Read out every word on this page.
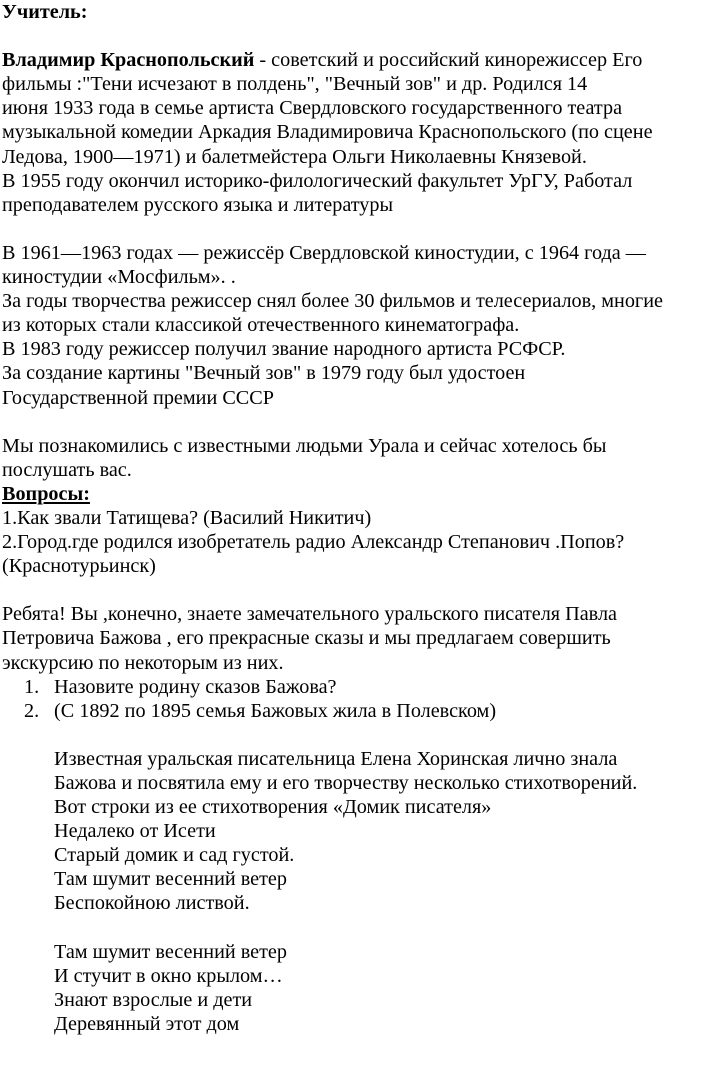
Учитель:
Владимир Краснопольский - советский и российский кинорежиссер Его
фильмы :"Тени исчезают в полдень", "Вечный зов" и др. Родился 14
июня 1933 года в семье артиста Свердловского государственного театра
музыкальной комедии Аркадия Владимировича Краснопольского (по сцене
Ледова, 1900—1971) и балетмейстера Ольги Николаевны Князевой.
В 1955 году окончил историко-филологический факультет УрГУ, Работал
преподавателем русского языка и литературы
В 1961—1963 годах — режиссёр Свердловской киностудии, с 1964 года —
киностудии «Мосфильм». .
За годы творчества режиссер снял более 30 фильмов и телесериалов, многие
из которых стали классикой отечественного кинематографа.
В 1983 году режиссер получил звание народного артиста РСФСР.
За создание картины "Вечный зов" в 1979 году был удостоен
Государственной премии СССР
Мы познакомились с известными людьми Урала и сейчас хотелось бы
послушать вас.
Вопросы:
1.Как звали Татищева? (Василий Никитич)
2.Город.где родился изобретатель радио Александр Степанович .Попов?
(Краснотурьинск)
Ребята! Вы ,конечно, знаете замечательного уральского писателя Павла
Петровича Бажова , его прекрасные сказы и мы предлагаем совершить
экскурсию по некоторым из них.
1. Назовите родину сказов Бажова?
2. (С 1892 по 1895 семья Бажовых жила в Полевском)
Известная уральская писательница Елена Хоринская лично знала
Бажова и посвятила ему и его творчеству несколько стихотворений.
Вот строки из ее стихотворения «Домик писателя»
Недалеко от Исети
Старый домик и сад густой.
Там шумит весенний ветер
Беспокойною листвой.
Там шумит весенний ветер
И стучит в окно крылом…
Знают взрослые и дети
Деревянный этот дом
